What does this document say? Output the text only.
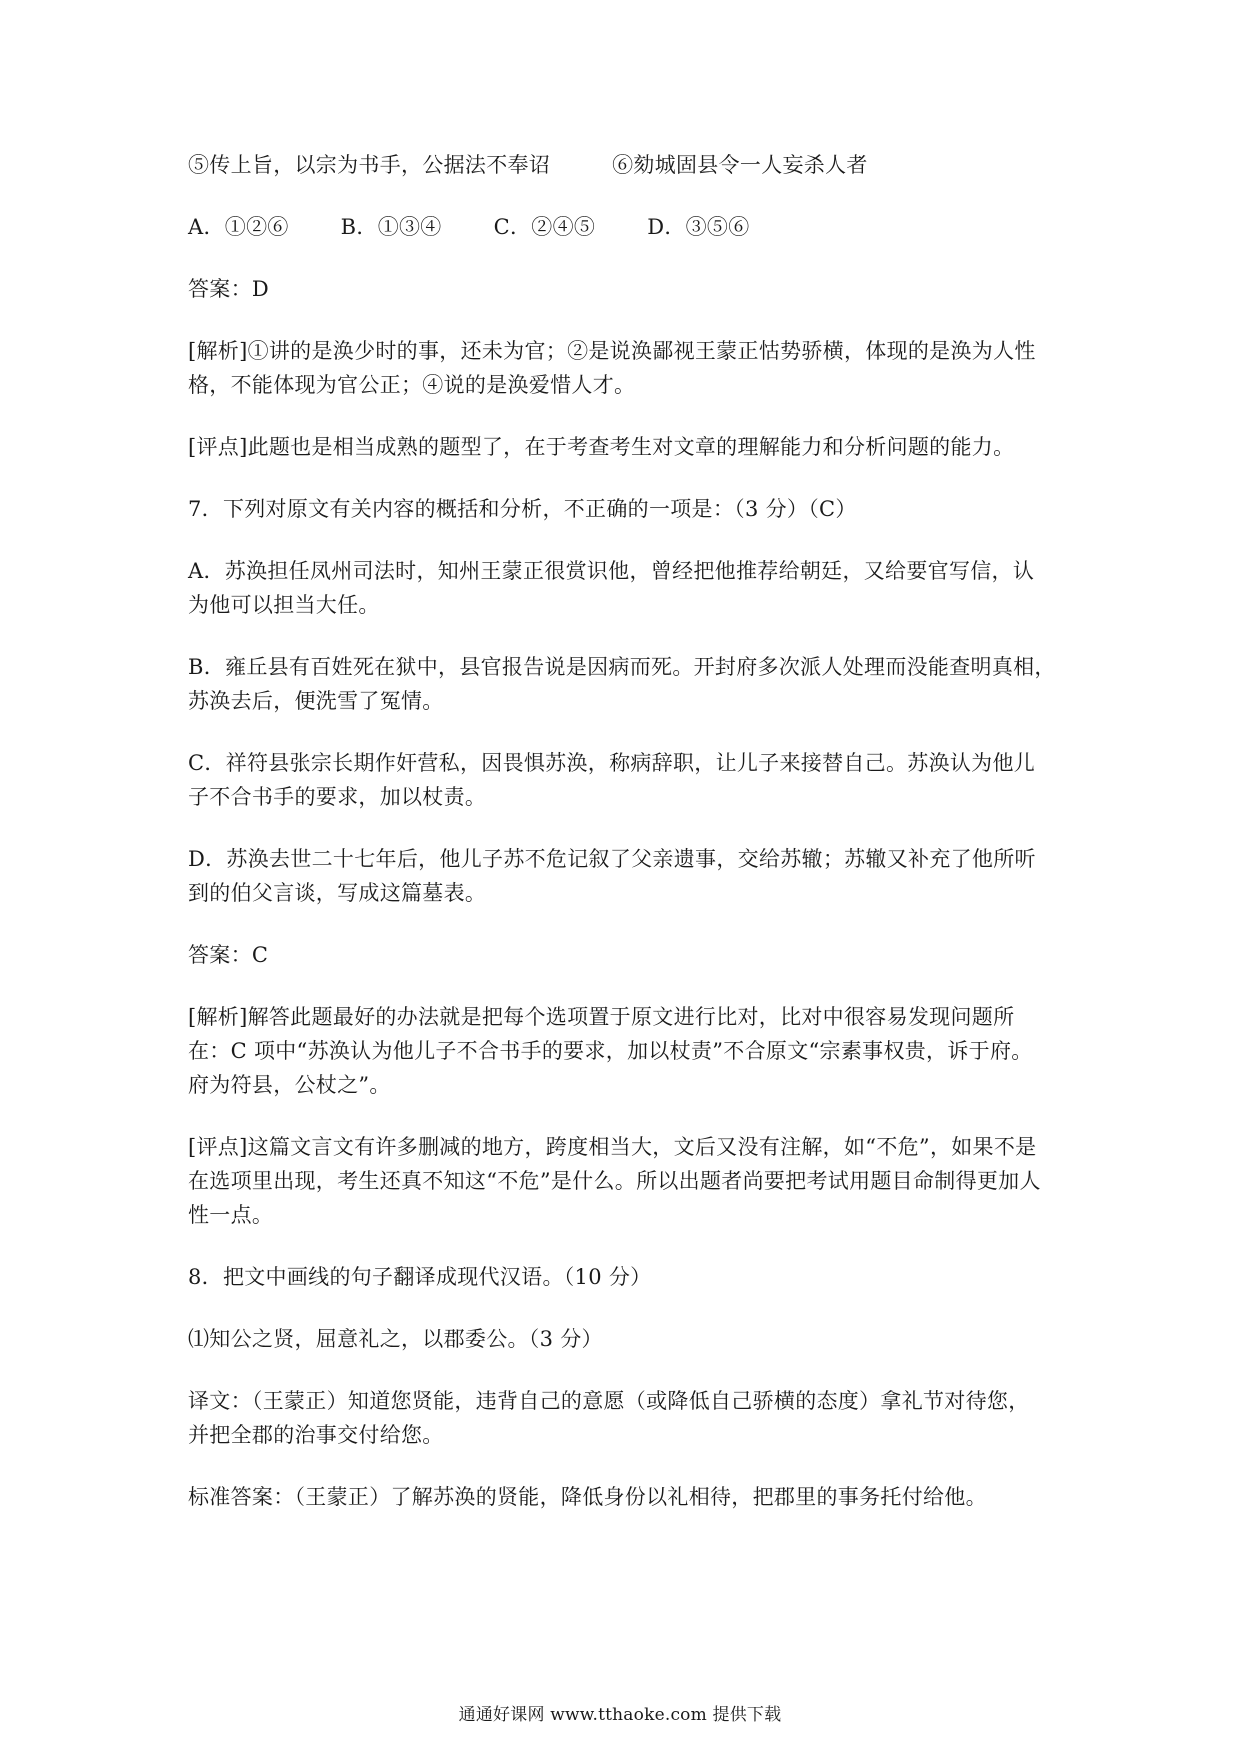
⑤传上旨，以宗为书手，公据法不奉诏	⑥劾城固县令一人妄杀人者

A．①②⑥ B．①③④ C．②④⑤ D．③⑤⑥

答案：D

[解析]①讲的是涣少时的事，还未为官；②是说涣鄙视王蒙正怙势骄横，体现的是涣为人性
格，不能体现为官公正；④说的是涣爱惜人才。

[评点]此题也是相当成熟的题型了，在于考查考生对文章的理解能力和分析问题的能力。

7．下列对原文有关内容的概括和分析，不正确的一项是：（3 分）（C）

A．苏涣担任凤州司法时，知州王蒙正很赏识他，曾经把他推荐给朝廷，又给要官写信，认
为他可以担当大任。

B．雍丘县有百姓死在狱中，县官报告说是因病而死。开封府多次派人处理而没能查明真相，
苏涣去后，便洗雪了冤情。

C．祥符县张宗长期作奸营私，因畏惧苏涣，称病辞职，让儿子来接替自己。苏涣认为他儿
子不合书手的要求，加以杖责。

D．苏涣去世二十七年后，他儿子苏不危记叙了父亲遗事，交给苏辙；苏辙又补充了他所听
到的伯父言谈，写成这篇墓表。

答案：C

[解析]解答此题最好的办法就是把每个选项置于原文进行比对，比对中很容易发现问题所
在：C 项中“苏涣认为他儿子不合书手的要求，加以杖责”不合原文“宗素事权贵，诉于府。
府为符县，公杖之”。

[评点]这篇文言文有许多删减的地方，跨度相当大，文后又没有注解，如“不危”，如果不是
在选项里出现，考生还真不知这“不危”是什么。所以出题者尚要把考试用题目命制得更加人
性一点。

8．把文中画线的句子翻译成现代汉语。（10 分）

⑴知公之贤，屈意礼之，以郡委公。（3 分）

译文：（王蒙正）知道您贤能，违背自己的意愿（或降低自己骄横的态度）拿礼节对待您，
并把全郡的治事交付给您。

标准答案：（王蒙正）了解苏涣的贤能，降低身份以礼相待，把郡里的事务托付给他。

通通好课网 www.tthaoke.com 提供下载
